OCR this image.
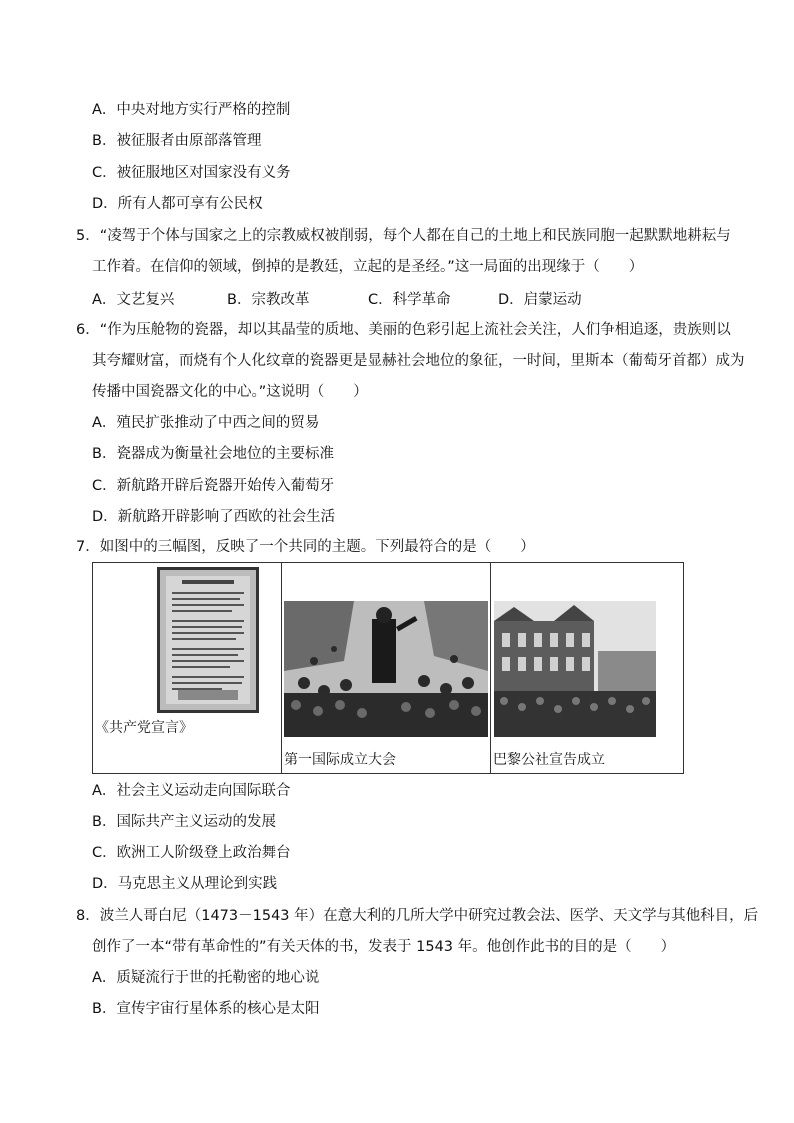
A．中央对地方实行严格的控制
B．被征服者由原部落管理
C．被征服地区对国家没有义务
D．所有人都可享有公民权
5．“凌驾于个体与国家之上的宗教威权被削弱，每个人都在自己的土地上和民族同胞一起默默地耕耘与
工作着。在信仰的领域，倒掉的是教廷，立起的是圣经。”这一局面的出现缘于（　　）
A．文艺复兴	B．宗教改革	C．科学革命	D．启蒙运动
6．“作为压舱物的瓷器，却以其晶莹的质地、美丽的色彩引起上流社会关注，人们争相追逐，贵族则以
其夸耀财富，而烧有个人化纹章的瓷器更是显赫社会地位的象征，一时间，里斯本（葡萄牙首都）成为
传播中国瓷器文化的中心。”这说明（　　）
A．殖民扩张推动了中西之间的贸易
B．瓷器成为衡量社会地位的主要标准
C．新航路开辟后瓷器开始传入葡萄牙
D．新航路开辟影响了西欧的社会生活
7．如图中的三幅图，反映了一个共同的主题。下列最符合的是（　　）
《共产党宣言》

第一国际成立大会	巴黎公社宣告成立
A．社会主义运动走向国际联合
B．国际共产主义运动的发展
C．欧洲工人阶级登上政治舞台
D．马克思主义从理论到实践
8．波兰人哥白尼（1473－1543 年）在意大利的几所大学中研究过教会法、医学、天文学与其他科目，后
创作了一本“带有革命性的”有关天体的书，发表于 1543 年。他创作此书的目的是（　　）
A．质疑流行于世的托勒密的地心说
B．宣传宇宙行星体系的核心是太阳
